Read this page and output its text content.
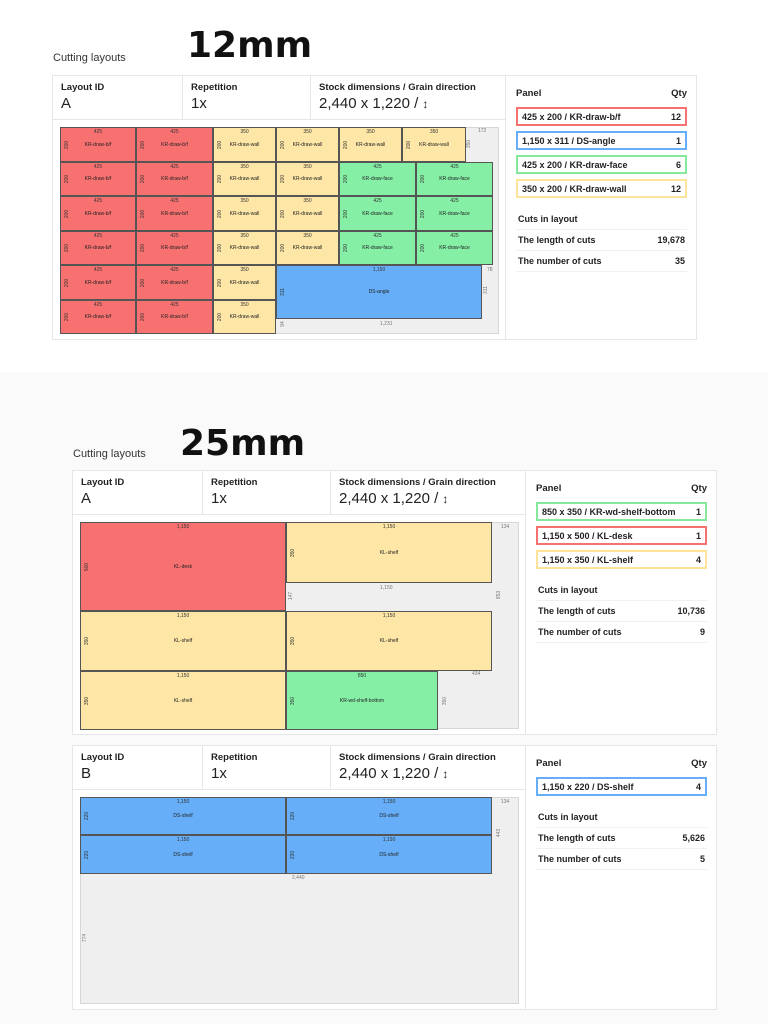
Cutting layouts 12mm
Layout ID
A
Repetition
1x
Stock dimensions / Grain direction
2,440 x 1,220 / ↕
425
200	KR-draw-b/f
425
200	KR-draw-b/f
350
200	KR-draw-wall
350
200	KR-draw-wall
350
200	KR-draw-wall
350
200	KR-draw-wall
425
200	KR-draw-b/f
425
200	KR-draw-b/f
350
200	KR-draw-wall
350
200	KR-draw-wall
425
200	KR-draw-face
425
200	KR-draw-face
425
200	KR-draw-b/f
425
200	KR-draw-b/f
350
200	KR-draw-wall
350
200	KR-draw-wall
425
200	KR-draw-face
425
200	KR-draw-face
425
200	KR-draw-b/f
425
200	KR-draw-b/f
350
200	KR-draw-wall
350
200	KR-draw-wall
425
200	KR-draw-face
425
200	KR-draw-face
425
200	KR-draw-b/f
425
200	KR-draw-b/f
350
200	KR-draw-wall
1,150
311	DS-angle
425
200	KR-draw-b/f
425
200	KR-draw-b/f
350
200	KR-draw-wall
172
350
78
311
94	1,231
Panel	Qty
425 x 200 / KR-draw-b/f	12
1,150 x 311 / DS-angle	1
425 x 200 / KR-draw-face	6
350 x 200 / KR-draw-wall	12
Cuts in layout
The length of cuts	19,678
The number of cuts	35
Cutting layouts 25mm
Layout ID
A
Repetition
1x
Stock dimensions / Grain direction
2,440 x 1,220 / ↕
1,150
500	KL-desk
1,150
350	KL-shelf
1,150
350	KL-shelf
1,150
350	KL-shelf
1,150
350	KL-shelf
850
350	KR-wd-shelf-bottom
134
1,150
147	853
434
350
Panel	Qty
850 x 350 / KR-wd-shelf-bottom 1
1,150 x 500 / KL-desk	1
1,150 x 350 / KL-shelf	4
Cuts in layout
The length of cuts	10,736
The number of cuts	9
Layout ID
B
Repetition
1x
Stock dimensions / Grain direction
2,440 x 1,220 / ↕
1,150
220	DS-shelf
1,150
220	DS-shelf
1,150
220	DS-shelf
1,150
220	DS-shelf
134
443
2,440
774
Panel	Qty
1,150 x 220 / DS-shelf	4
Cuts in layout
The length of cuts	5,626
The number of cuts	5
